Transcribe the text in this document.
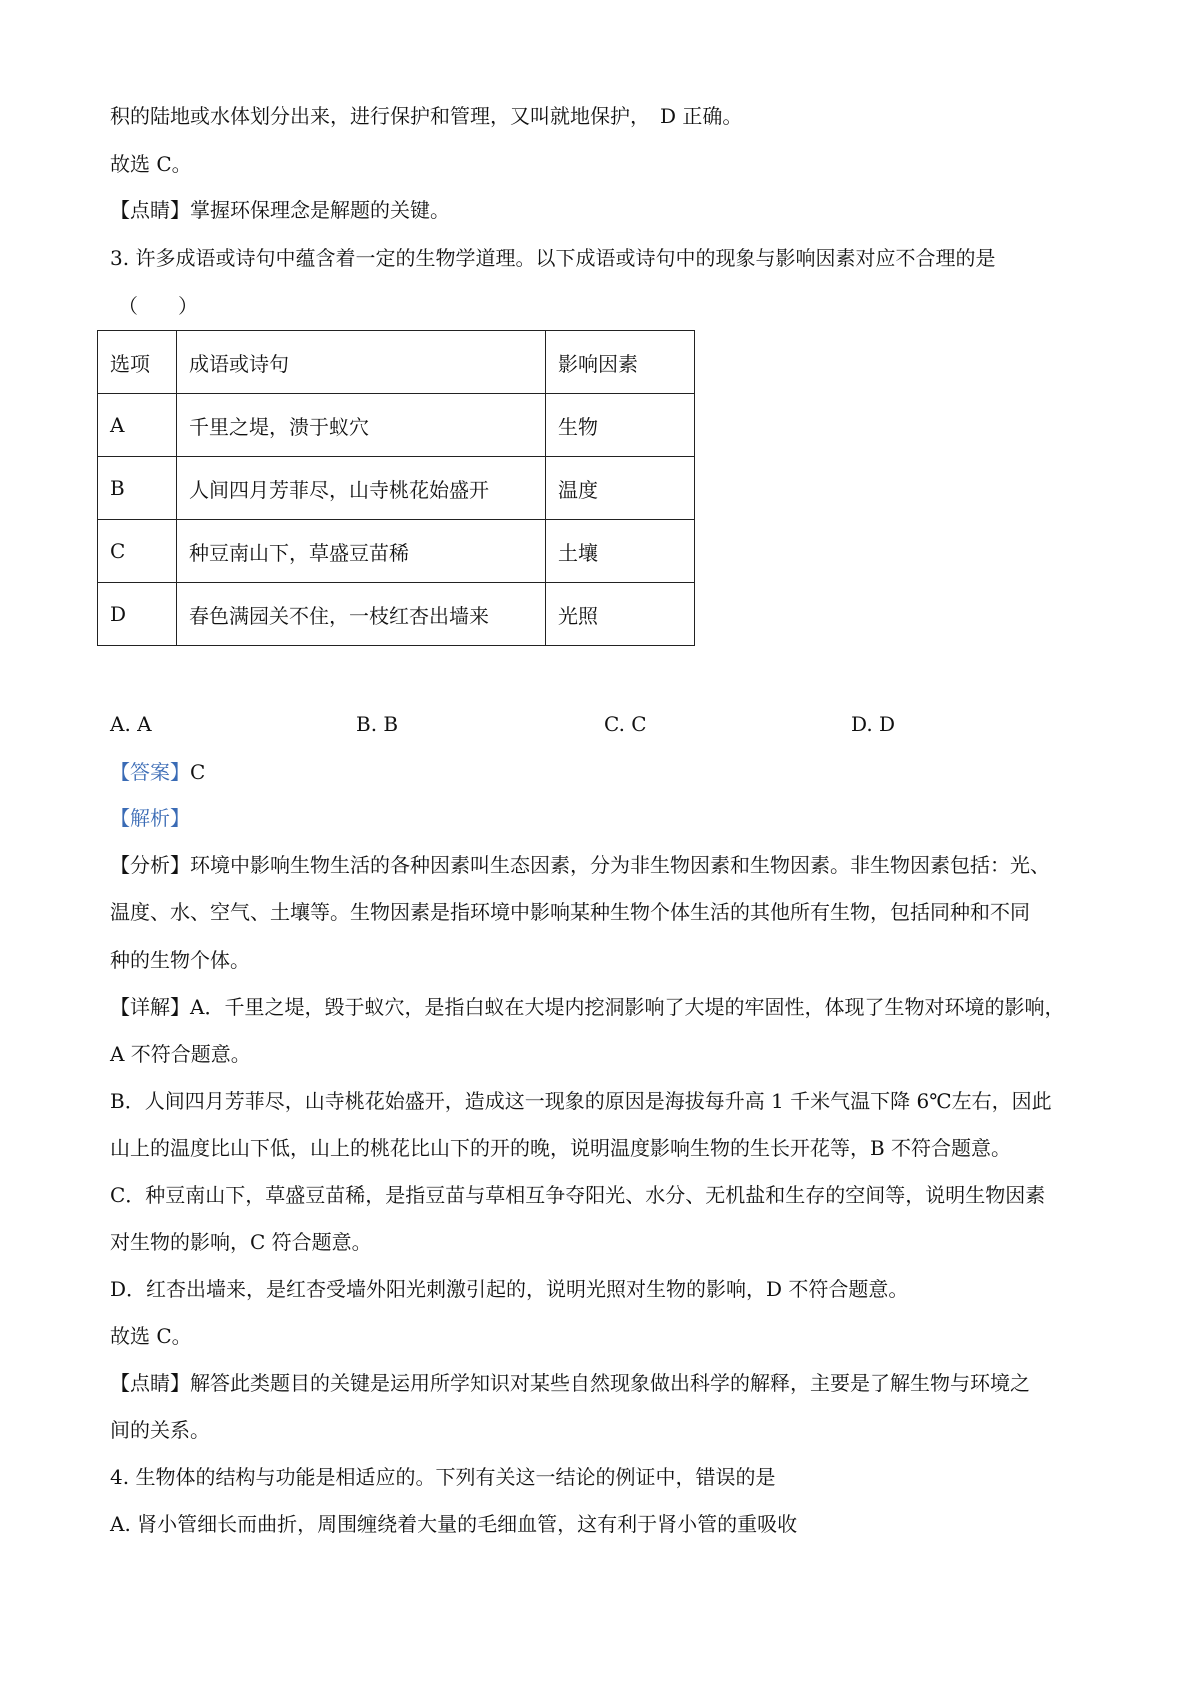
积的陆地或水体划分出来，进行保护和管理，又叫就地保护，　D 正确。
故选 C。
【点睛】掌握环保理念是解题的关键。
3. 许多成语或诗句中蕴含着一定的生物学道理。以下成语或诗句中的现象与影响因素对应不合理的是
（　　）
选项	成语或诗句	影响因素
A	千里之堤，溃于蚁穴	生物
B	人间四月芳菲尽，山寺桃花始盛开	温度
C	种豆南山下，草盛豆苗稀	土壤
D	春色满园关不住，一枝红杏出墙来	光照
A. A	B. B	C. C	D. D
【答案】C
【解析】
【分析】环境中影响生物生活的各种因素叫生态因素，分为非生物因素和生物因素。非生物因素包括：光、
温度、水、空气、土壤等。生物因素是指环境中影响某种生物个体生活的其他所有生物，包括同种和不同
种的生物个体。
【详解】A．千里之堤，毁于蚁穴，是指白蚁在大堤内挖洞影响了大堤的牢固性，体现了生物对环境的影响，
A 不符合题意。
B．人间四月芳菲尽，山寺桃花始盛开，造成这一现象的原因是海拔每升高 1 千米气温下降 6℃左右，因此
山上的温度比山下低，山上的桃花比山下的开的晚，说明温度影响生物的生长开花等，B 不符合题意。
C．种豆南山下，草盛豆苗稀，是指豆苗与草相互争夺阳光、水分、无机盐和生存的空间等，说明生物因素
对生物的影响，C 符合题意。
D．红杏出墙来，是红杏受墙外阳光刺激引起的，说明光照对生物的影响，D 不符合题意。
故选 C。
【点睛】解答此类题目的关键是运用所学知识对某些自然现象做出科学的解释，主要是了解生物与环境之
间的关系。
4. 生物体的结构与功能是相适应的。下列有关这一结论的例证中，错误的是
A. 肾小管细长而曲折，周围缠绕着大量的毛细血管，这有利于肾小管的重吸收
